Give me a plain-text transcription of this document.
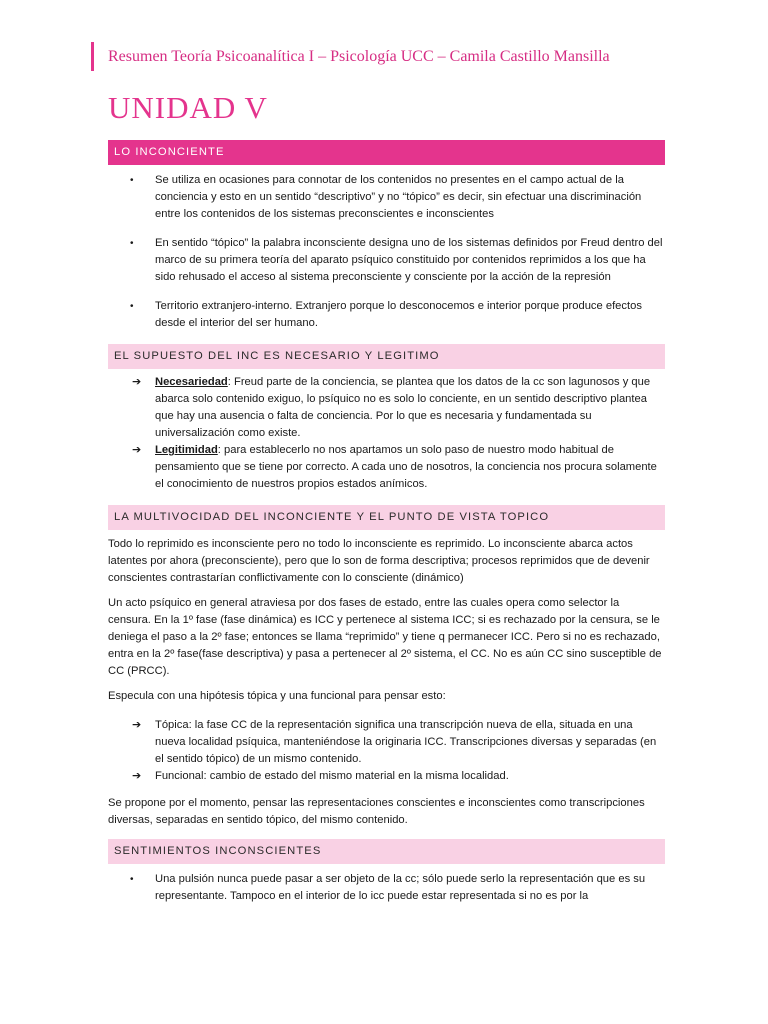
Resumen Teoría Psicoanalítica I – Psicología UCC – Camila Castillo Mansilla
UNIDAD V
LO INCONCIENTE
• Se utiliza en ocasiones para connotar de los contenidos no presentes en el campo actual de la conciencia y esto en un sentido “descriptivo” y no “tópico” es decir, sin efectuar una discriminación entre los contenidos de los sistemas preconscientes e inconscientes
• En sentido “tópico” la palabra inconsciente designa uno de los sistemas definidos por Freud dentro del marco de su primera teoría del aparato psíquico constituido por contenidos reprimidos a los que ha sido rehusado el acceso al sistema preconsciente y consciente por la acción de la represión
• Territorio extranjero-interno. Extranjero porque lo desconocemos e interior porque produce efectos desde el interior del ser humano.
EL SUPUESTO DEL INC ES NECESARIO Y LEGITIMO
➔ Necesariedad: Freud parte de la conciencia, se plantea que los datos de la cc son lagunosos y que abarca solo contenido exiguo, lo psíquico no es solo lo conciente, en un sentido descriptivo plantea que hay una ausencia o falta de conciencia. Por lo que es necesaria y fundamentada su universalización como existe.
➔ Legitimidad: para establecerlo no nos apartamos un solo paso de nuestro modo habitual de pensamiento que se tiene por correcto. A cada uno de nosotros, la conciencia nos procura solamente el conocimiento de nuestros propios estados anímicos.
LA MULTIVOCIDAD DEL INCONCIENTE Y EL PUNTO DE VISTA TOPICO

Todo lo reprimido es inconsciente pero no todo lo inconsciente es reprimido. Lo inconsciente abarca actos latentes por ahora (preconsciente), pero que lo son de forma descriptiva; procesos reprimidos que de devenir conscientes contrastarían conflictivamente con lo consciente (dinámico)

Un acto psíquico en general atraviesa por dos fases de estado, entre las cuales opera como selector la censura. En la 1º fase (fase dinámica) es ICC y pertenece al sistema ICC; si es rechazado por la censura, se le deniega el paso a la 2º fase; entonces se llama “reprimido” y tiene q permanecer ICC. Pero si no es rechazado, entra en la 2º fase(fase descriptiva) y pasa a pertenecer al 2º sistema, el CC. No es aún CC sino susceptible de CC (PRCC).

Especula con una hipótesis tópica y una funcional para pensar esto:

➔ Tópica: la fase CC de la representación significa una transcripción nueva de ella, situada en una nueva localidad psíquica, manteniéndose la originaria ICC. Transcripciones diversas y separadas (en el sentido tópico) de un mismo contenido.
➔ Funcional: cambio de estado del mismo material en la misma localidad.

Se propone por el momento, pensar las representaciones conscientes e inconscientes como transcripciones diversas, separadas en sentido tópico, del mismo contenido.

SENTIMIENTOS INCONSCIENTES
• Una pulsión nunca puede pasar a ser objeto de la cc; sólo puede serlo la representación que es su representante. Tampoco en el interior de lo icc puede estar representada si no es por la
